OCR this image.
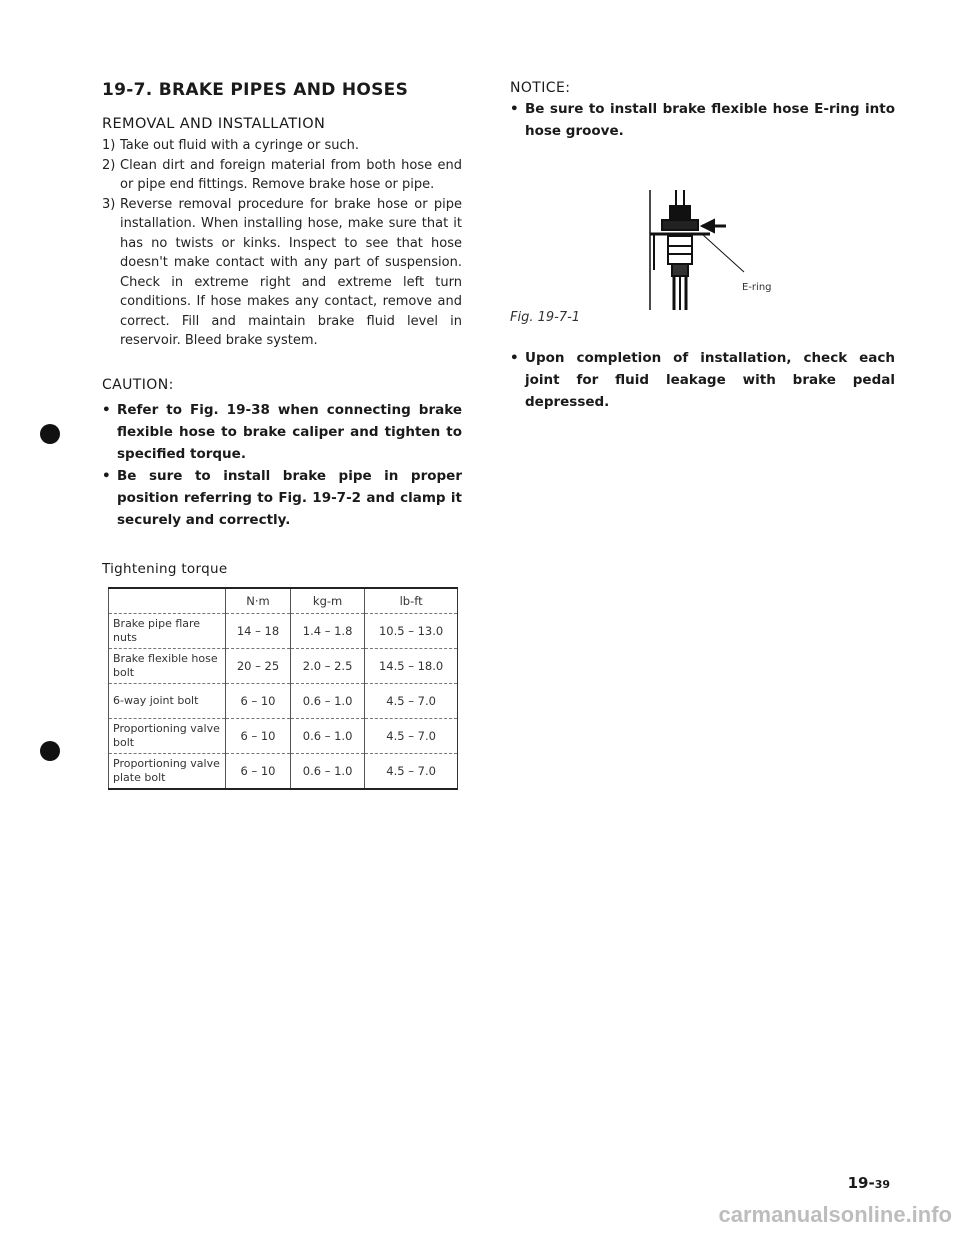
19-7. BRAKE PIPES AND HOSES
REMOVAL AND INSTALLATION
1) Take out fluid with a cyringe or such.
2) Clean dirt and foreign material from both hose end or pipe end fittings. Remove brake hose or pipe.
3) Reverse removal procedure for brake hose or pipe installation. When installing hose, make sure that it has no twists or kinks. Inspect to see that hose doesn't make contact with any part of suspension. Check in extreme right and extreme left turn conditions. If hose makes any contact, remove and correct. Fill and maintain brake fluid level in reservoir. Bleed brake system.
CAUTION:
• Refer to Fig. 19-38 when connecting brake flexible hose to brake caliper and tighten to specified torque.
• Be sure to install brake pipe in proper position referring to Fig. 19-7-2 and clamp it securely and correctly.
Tightening torque
	N·m	kg-m	lb-ft
Brake pipe flare nuts	14 – 18	1.4 – 1.8	10.5 – 13.0
Brake flexible hose bolt	20 – 25	2.0 – 2.5	14.5 – 18.0
6-way joint bolt	6 – 10	0.6 – 1.0	4.5 – 7.0
Proportioning valve bolt	6 – 10	0.6 – 1.0	4.5 – 7.0
Proportioning valve plate bolt	6 – 10	0.6 – 1.0	4.5 – 7.0
NOTICE:
• Be sure to install brake flexible hose E-ring into hose groove.
E-ring
Fig. 19-7-1
• Upon completion of installation, check each joint for fluid leakage with brake pedal depressed.
19-39
carmanualsonline.info
